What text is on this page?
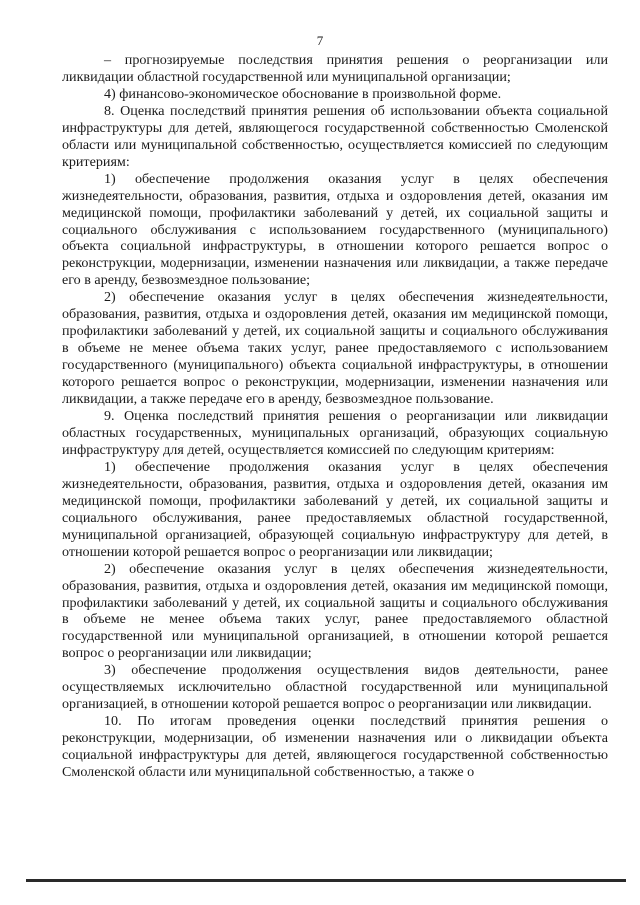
7

– прогнозируемые последствия принятия решения о реорганизации или ликвидации областной государственной или муниципальной организации;

4) финансово-экономическое обоснование в произвольной форме.

8. Оценка последствий принятия решения об использовании объекта социальной инфраструктуры для детей, являющегося государственной собственностью Смоленской области или муниципальной собственностью, осуществляется комиссией по следующим критериям:

1) обеспечение продолжения оказания услуг в целях обеспечения жизнедеятельности, образования, развития, отдыха и оздоровления детей, оказания им медицинской помощи, профилактики заболеваний у детей, их социальной защиты и социального обслуживания с использованием государственного (муниципального) объекта социальной инфраструктуры, в отношении которого решается вопрос о реконструкции, модернизации, изменении назначения или ликвидации, а также передаче его в аренду, безвозмездное пользование;

2) обеспечение оказания услуг в целях обеспечения жизнедеятельности, образования, развития, отдыха и оздоровления детей, оказания им медицинской помощи, профилактики заболеваний у детей, их социальной защиты и социального обслуживания в объеме не менее объема таких услуг, ранее предоставляемого с использованием государственного (муниципального) объекта социальной инфраструктуры, в отношении которого решается вопрос о реконструкции, модернизации, изменении назначения или ликвидации, а также передаче его в аренду, безвозмездное пользование.

9. Оценка последствий принятия решения о реорганизации или ликвидации областных государственных, муниципальных организаций, образующих социальную инфраструктуру для детей, осуществляется комиссией по следующим критериям:

1) обеспечение продолжения оказания услуг в целях обеспечения жизнедеятельности, образования, развития, отдыха и оздоровления детей, оказания им медицинской помощи, профилактики заболеваний у детей, их социальной защиты и социального обслуживания, ранее предоставляемых областной государственной, муниципальной организацией, образующей социальную инфраструктуру для детей, в отношении которой решается вопрос о реорганизации или ликвидации;

2) обеспечение оказания услуг в целях обеспечения жизнедеятельности, образования, развития, отдыха и оздоровления детей, оказания им медицинской помощи, профилактики заболеваний у детей, их социальной защиты и социального обслуживания в объеме не менее объема таких услуг, ранее предоставляемого областной государственной или муниципальной организацией, в отношении которой решается вопрос о реорганизации или ликвидации;

3) обеспечение продолжения осуществления видов деятельности, ранее осуществляемых исключительно областной государственной или муниципальной организацией, в отношении которой решается вопрос о реорганизации или ликвидации.

10. По итогам проведения оценки последствий принятия решения о реконструкции, модернизации, об изменении назначения или о ликвидации объекта социальной инфраструктуры для детей, являющегося государственной собственностью Смоленской области или муниципальной собственностью, а также о
